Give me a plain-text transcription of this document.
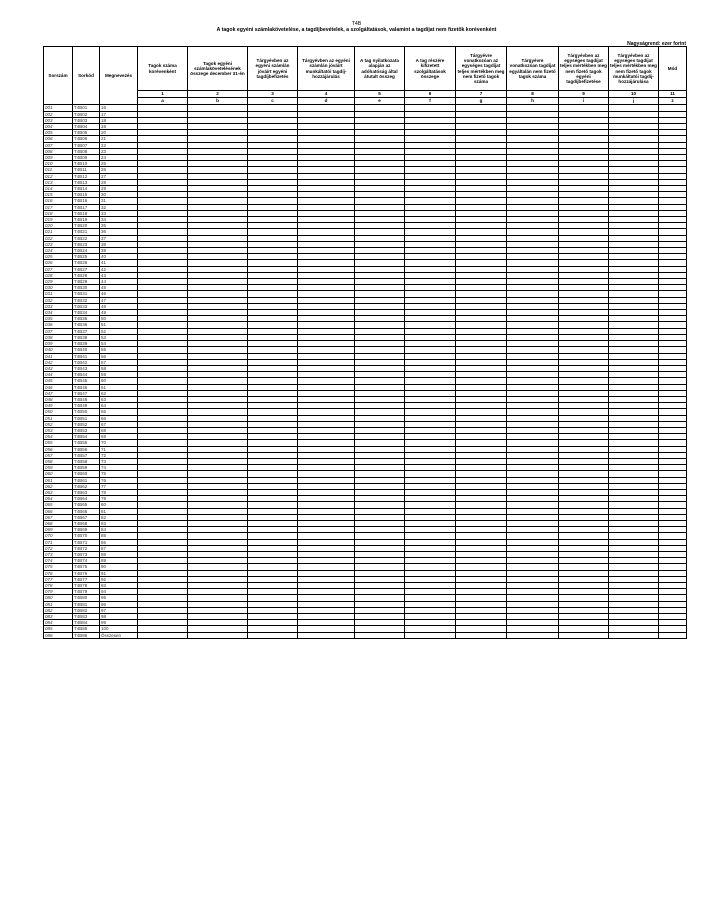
T4B
A tagok egyéni számlakövetelése, a tagdíjbevételek, a szolgáltatások, valamint a tagdíjat nem fizetők korévenként
Nagyságrend: ezer forint
Sorszám	Sorkód	Megnevezés	Tagok száma korévenként	Tagok egyéni számlakövetelésének összege december 31-én	Tárgyévben az egyéni számlán jóváírt egyéni tagdíjbefizetés	Tárgyévben az egyéni számlán jóváírt munkáltatói tagdíj-hozzájárulás	A tag nyilatkozata alapján az adóhatóság által átutalt összeg	A tag részére kifizetett szolgáltatások összege	Tárgyévre vonatkozóan az egységes tagdíjat teljes mértékben meg nem fizető tagok száma	Tárgyévre vonatkozóan tagdíjat egyáltalán nem fizető tagok száma	Tárgyévben az egységes tagdíjat teljes mértékben meg nem fizető tagok egyéni tagdíjbefizetése	Tárgyévben az egységes tagdíjat teljes mértékben meg nem fizető tagok munkáltatói tagdíj-hozzájárulása	Mód
			1	2	3	4	5	6	7	8	9	10	11
			a	b	c	d	e	f	g	h	i	j	z
001	T4B01	16											
002	T4B02	17											
003	T4B03	18											
004	T4B04	19											
005	T4B05	20											
006	T4B06	21											
007	T4B07	22											
008	T4B08	23											
009	T4B09	24											
010	T4B10	25											
011	T4B11	26											
012	T4B12	27											
013	T4B13	28											
014	T4B14	29											
015	T4B15	30											
016	T4B16	31											
017	T4B17	32											
018	T4B18	33											
019	T4B19	34											
020	T4B20	35											
021	T4B21	36											
022	T4B22	37											
023	T4B23	38											
024	T4B24	39											
025	T4B25	40											
026	T4B26	41											
027	T4B27	42											
028	T4B28	43											
029	T4B29	44											
030	T4B30	45											
031	T4B31	46											
032	T4B32	47											
033	T4B33	48											
034	T4B34	49											
035	T4B35	50											
036	T4B36	51											
037	T4B37	52											
038	T4B38	53											
039	T4B39	54											
040	T4B40	55											
041	T4B41	56											
042	T4B42	57											
043	T4B43	58											
044	T4B44	59											
045	T4B45	60											
046	T4B46	61											
047	T4B47	62											
048	T4B48	63											
049	T4B49	64											
050	T4B50	65											
051	T4B51	66											
052	T4B52	67											
053	T4B53	68											
054	T4B54	69											
055	T4B55	70											
056	T4B56	71											
057	T4B57	72											
058	T4B58	73											
059	T4B59	74											
060	T4B60	75											
061	T4B61	76											
062	T4B62	77											
063	T4B63	78											
064	T4B64	79											
065	T4B65	80											
066	T4B66	81											
067	T4B67	82											
068	T4B68	83											
069	T4B69	84											
070	T4B70	85											
071	T4B71	86											
072	T4B72	87											
073	T4B73	88											
074	T4B74	89											
075	T4B75	90											
076	T4B76	91											
077	T4B77	92											
078	T4B78	93											
079	T4B79	94											
080	T4B80	95											
081	T4B81	96											
082	T4B82	97											
083	T4B83	98											
084	T4B84	99											
085	T4B85	100											
086	T4B86	Összesen											
